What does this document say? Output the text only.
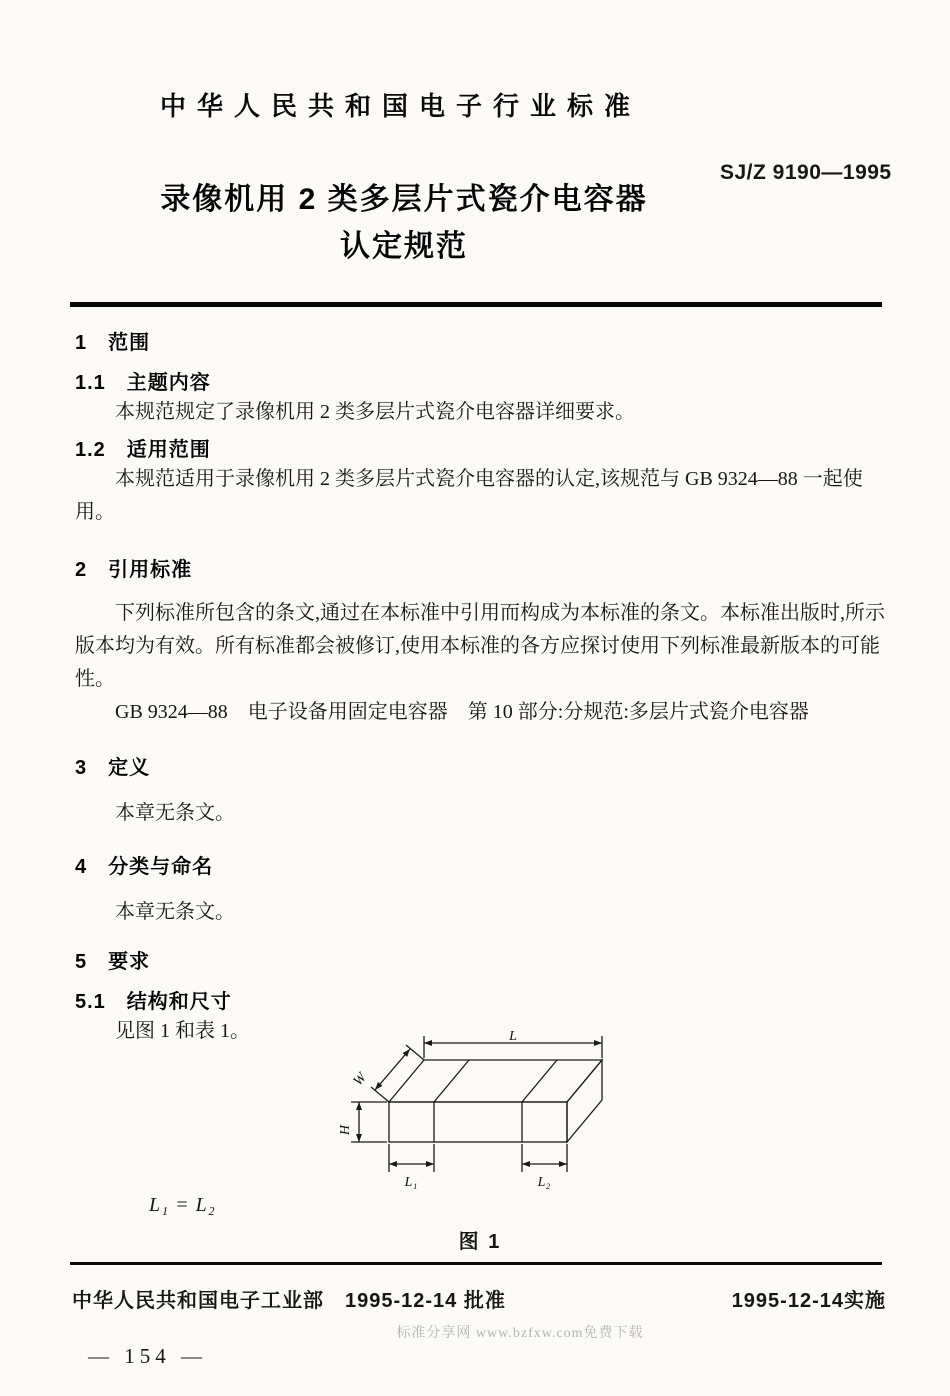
中华人民共和国电子行业标准
SJ/Z 9190—1995
录像机用 2 类多层片式瓷介电容器
认定规范
1　范围
1.1　主题内容

本规范规定了录像机用 2 类多层片式瓷介电容器详细要求。

1.2　适用范围

本规范适用于录像机用 2 类多层片式瓷介电容器的认定,该规范与 GB 9324—88 一起使用。

2　引用标准

下列标准所包含的条文,通过在本标准中引用而构成为本标准的条文。本标准出版时,所示版本均为有效。所有标准都会被修订,使用本标准的各方应探讨使用下列标准最新版本的可能性。

GB 9324—88　电子设备用固定电容器　第 10 部分:分规范:多层片式瓷介电容器

3　定义

本章无条文。

4　分类与命名

本章无条文。

5　要求
5.1　结构和尺寸

见图 1 和表 1。	L
W
H
L₁	L₂
L₁ = L₂
图 1
中华人民共和国电子工业部　1995-12-14 批准	1995-12-14实施
标准分享网 www.bzfxw.com免费下载
— 154 —
